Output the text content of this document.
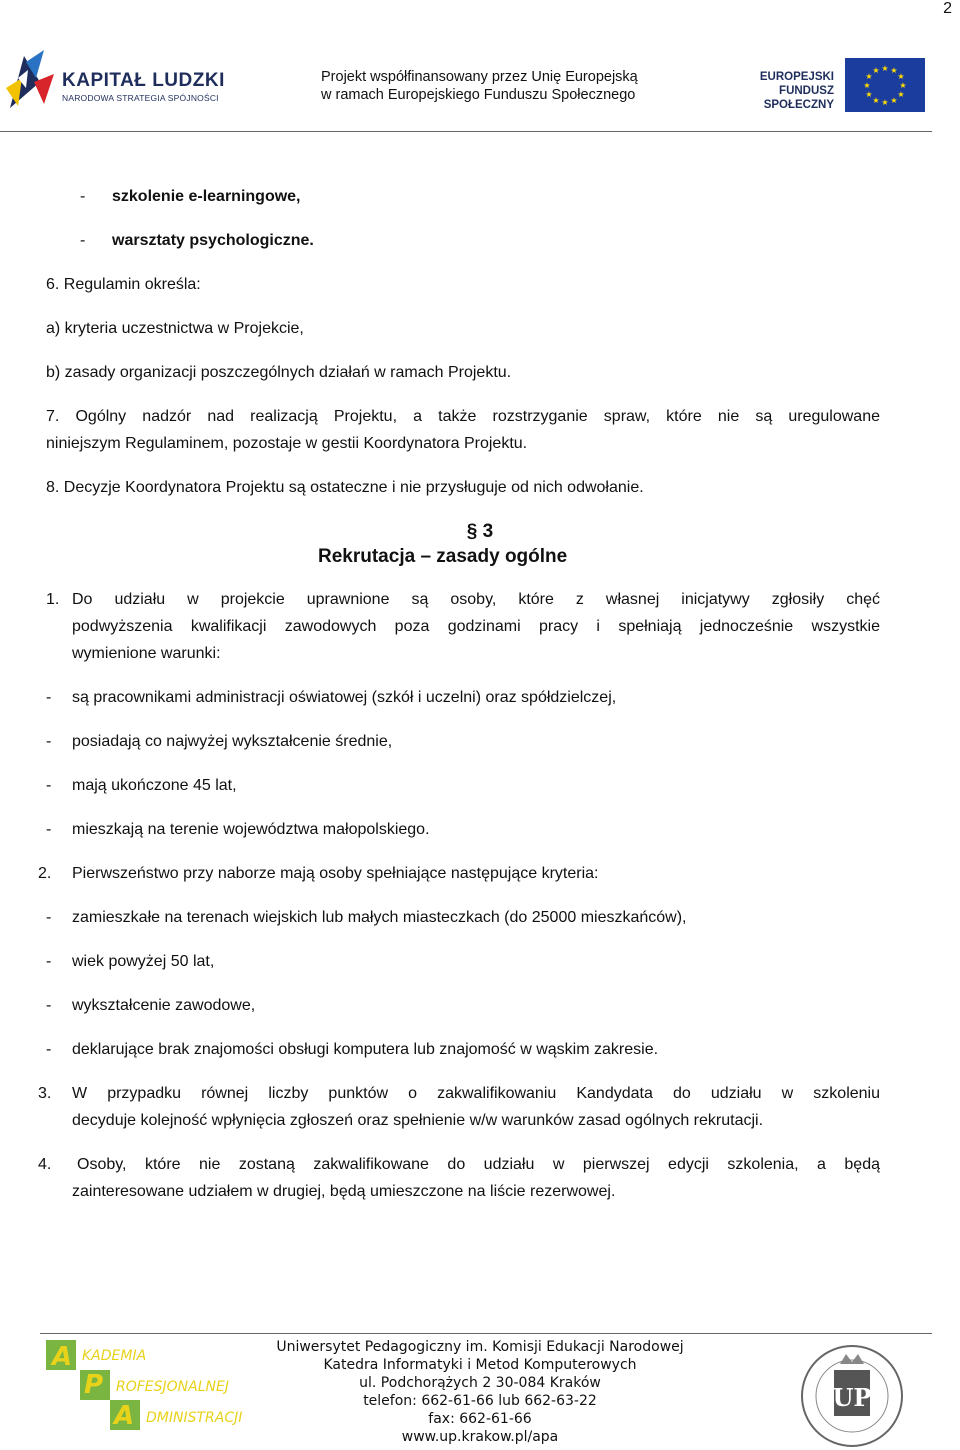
2
KAPITAŁ LUDZKI
NARODOWA STRATEGIA SPÓJNOŚCI
Projekt współfinansowany przez Unię Europejską
w ramach Europejskiego Funduszu Społecznego
EUROPEJSKI
FUNDUSZ SPOŁECZNY
★ ★
★
★
★
★
★
★
★
★
★
★
- szkolenie e-learningowe,
- warsztaty psychologiczne.
6. Regulamin określa:
a) kryteria uczestnictwa w Projekcie,
b) zasady organizacji poszczególnych działań w ramach Projektu.
7. Ogólny nadzór nad realizacją Projektu, a także rozstrzyganie spraw, które nie są uregulowane
niniejszym Regulaminem, pozostaje w gestii Koordynatora Projektu.
8. Decyzje Koordynatora Projektu są ostateczne i nie przysługuje od nich odwołanie.
§ 3
Rekrutacja – zasady ogólne
1. Do udziału w projekcie uprawnione są osoby, które z własnej inicjatywy zgłosiły chęć
podwyższenia kwalifikacji zawodowych poza godzinami pracy i spełniają jednocześnie wszystkie
wymienione warunki:
- są pracownikami administracji oświatowej (szkół i uczelni) oraz spółdzielczej,
- posiadają co najwyżej wykształcenie średnie,
- mają ukończone 45 lat,
- mieszkają na terenie województwa małopolskiego.
2. Pierwszeństwo przy naborze mają osoby spełniające następujące kryteria:
- zamieszkałe na terenach wiejskich lub małych miasteczkach (do 25000 mieszkańców),
- wiek powyżej 50 lat,
- wykształcenie zawodowe,
- deklarujące brak znajomości obsługi komputera lub znajomość w wąskim zakresie.
3. W przypadku równej liczby punktów o zakwalifikowaniu Kandydata do udziału w szkoleniu
decyduje kolejność wpłynięcia zgłoszeń oraz spełnienie w/w warunków zasad ogólnych rekrutacji.
4. Osoby, które nie zostaną zakwalifikowane do udziału w pierwszej edycji szkolenia, a będą
zainteresowane udziałem w drugiej, będą umieszczone na liście rezerwowej.
A
P
A
KADEMIA
ROFESJONALNEJ
DMINISTRACJI
Uniwersytet Pedagogiczny im. Komisji Edukacji Narodowej
Katedra Informatyki i Metod Komputerowych
ul. Podchorążych 2 30-084 Kraków
telefon: 662-61-66 lub 662-63-22
fax: 662-61-66
www.up.krakow.pl/apa
UP
